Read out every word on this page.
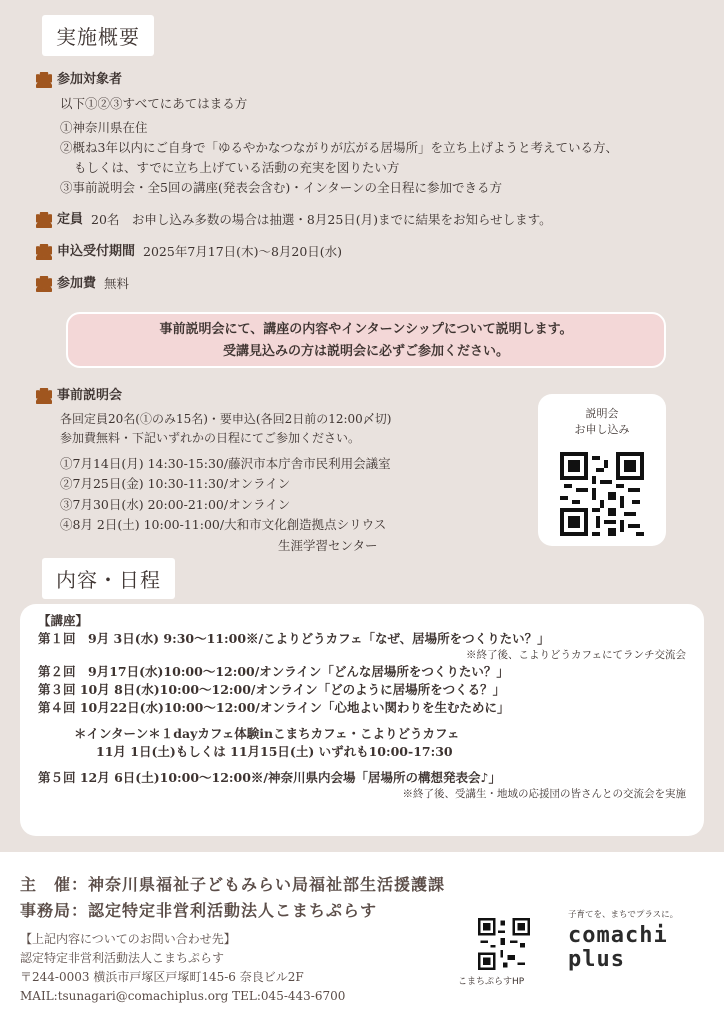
実施概要
参加対象者
以下①②③すべてにあてはまる方
①神奈川県在住
②概ね3年以内にご自身で「ゆるやかなつながりが広がる居場所」を立ち上げようと考えている方、
もしくは、すでに立ち上げている活動の充実を図りたい方
③事前説明会・全5回の講座(発表会含む)・インターンの全日程に参加できる方
定員 20名　お申し込み多数の場合は抽選・8月25日(月)までに結果をお知らせします。
申込受付期間 2025年7月17日(木)～8月20日(水)
参加費 無料
事前説明会にて、講座の内容やインターンシップについて説明します。
受講見込みの方は説明会に必ずご参加ください。
事前説明会
各回定員20名(①のみ15名)・要申込(各回2日前の12:00〆切)
参加費無料・下記いずれかの日程にてご参加ください。
①7月14日(月) 14:30-15:30/藤沢市本庁舎市民利用会議室
②7月25日(金) 10:30-11:30/オンライン
③7月30日(水) 20:00-21:00/オンライン
④8月 2日(土) 10:00-11:00/大和市文化創造拠点シリウス
生涯学習センター
説明会
お申し込み
内容・日程
【講座】
第１回　9月 3日(水) 9:30～11:00※/こよりどうカフェ「なぜ、居場所をつくりたい？」
※終了後、こよりどうカフェにてランチ交流会
第２回　9月17日(水)10:00～12:00/オンライン「どんな居場所をつくりたい？」
第３回 10月 8日(水)10:00～12:00/オンライン「どのように居場所をつくる？」
第４回 10月22日(水)10:00～12:00/オンライン「心地よい関わりを生むために」
＊インターン＊１dayカフェ体験inこまちカフェ・こよりどうカフェ
11月 1日(土)もしくは 11月15日(土) いずれも10:00-17:30
第５回 12月 6日(土)10:00～12:00※/神奈川県内会場「居場所の構想発表会♪」
※終了後、受講生・地域の応援団の皆さんとの交流会を実施
主　催：神奈川県福祉子どもみらい局福祉部生活援護課
事務局：認定特定非営利活動法人こまちぷらす
【上記内容についてのお問い合わせ先】
認定特定非営利活動法人こまちぷらす
〒244-0003 横浜市戸塚区戸塚町145-6 奈良ビル2F
MAIL:tsunagari@comachiplus.org TEL:045-443-6700
こまちぷらすHP
子育てを、まちでプラスに。
comachi
plus
